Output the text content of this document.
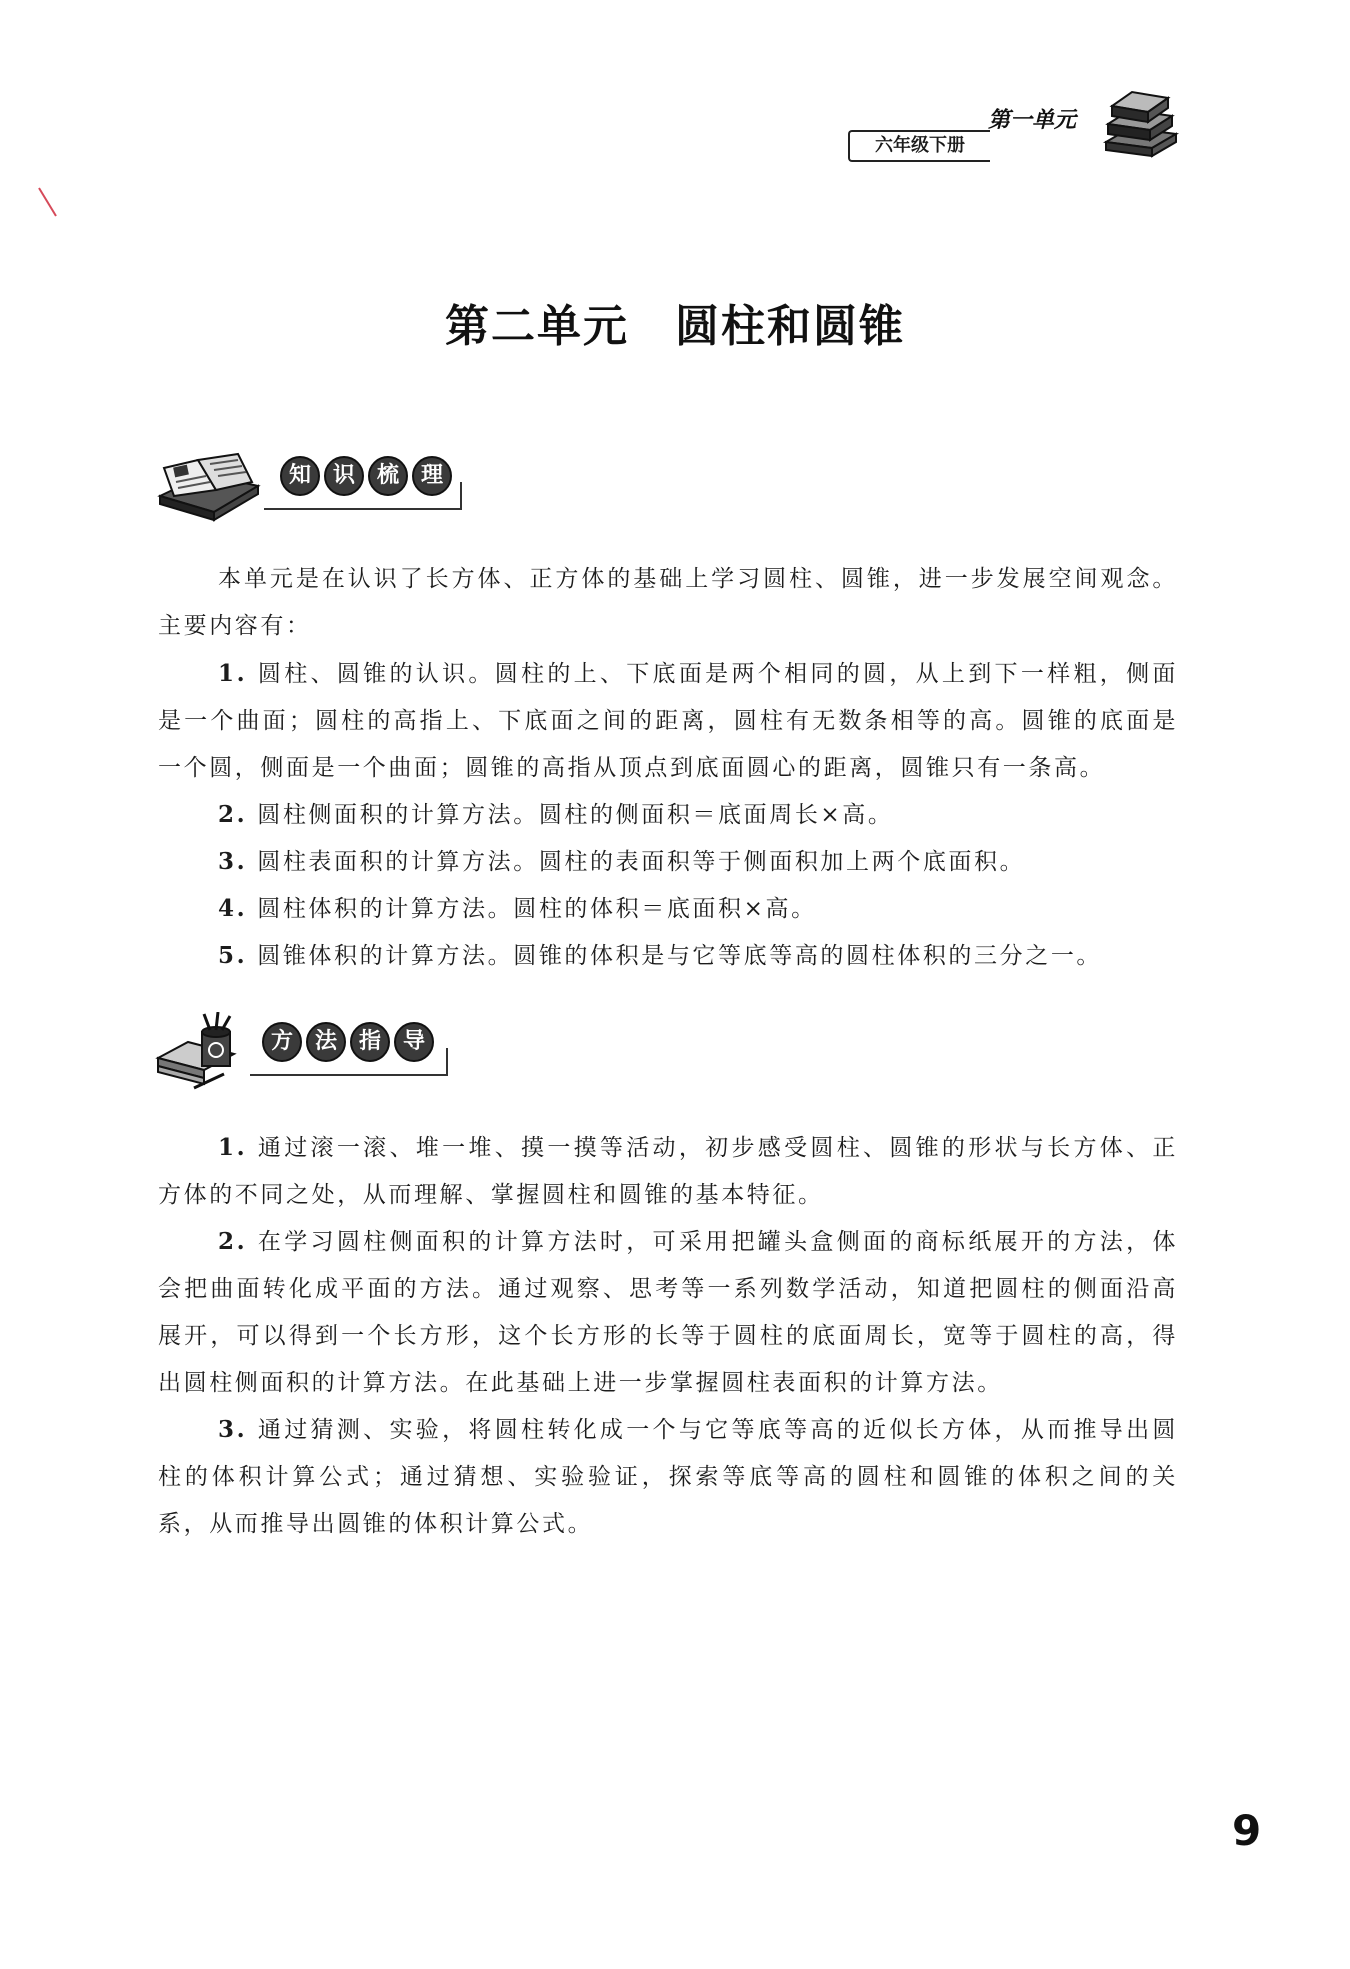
六年级下册
第一单元
第二单元　圆柱和圆锥
知 识 梳 理
本单元是在认识了长方体、正方体的基础上学习圆柱、圆锥，进一步发展空间观念。主要内容有：
1. 圆柱、圆锥的认识。圆柱的上、下底面是两个相同的圆，从上到下一样粗，侧面是一个曲面；圆柱的高指上、下底面之间的距离，圆柱有无数条相等的高。圆锥的底面是一个圆，侧面是一个曲面；圆锥的高指从顶点到底面圆心的距离，圆锥只有一条高。
2. 圆柱侧面积的计算方法。圆柱的侧面积＝底面周长×高。
3. 圆柱表面积的计算方法。圆柱的表面积等于侧面积加上两个底面积。
4. 圆柱体积的计算方法。圆柱的体积＝底面积×高。
5. 圆锥体积的计算方法。圆锥的体积是与它等底等高的圆柱体积的三分之一。
方 法 指 导
1. 通过滚一滚、堆一堆、摸一摸等活动，初步感受圆柱、圆锥的形状与长方体、正方体的不同之处，从而理解、掌握圆柱和圆锥的基本特征。
2. 在学习圆柱侧面积的计算方法时，可采用把罐头盒侧面的商标纸展开的方法，体会把曲面转化成平面的方法。通过观察、思考等一系列数学活动，知道把圆柱的侧面沿高展开，可以得到一个长方形，这个长方形的长等于圆柱的底面周长，宽等于圆柱的高，得出圆柱侧面积的计算方法。在此基础上进一步掌握圆柱表面积的计算方法。
3. 通过猜测、实验，将圆柱转化成一个与它等底等高的近似长方体，从而推导出圆柱的体积计算公式；通过猜想、实验验证，探索等底等高的圆柱和圆锥的体积之间的关系，从而推导出圆锥的体积计算公式。
9
